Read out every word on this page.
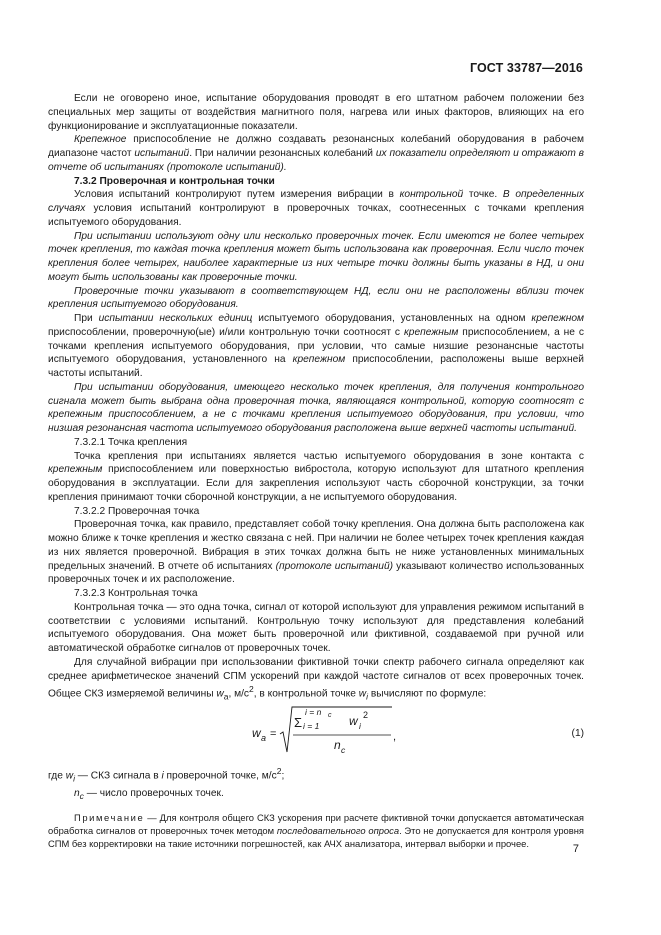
ГОСТ 33787—2016

Если не оговорено иное, испытание оборудования проводят в его штатном рабочем положении без специальных мер защиты от воздействия магнитного поля, нагрева или иных факторов, влияющих на его функционирование и эксплуатационные показатели.

Крепежное приспособление не должно создавать резонансных колебаний оборудования в рабочем диапазоне частот испытаний. При наличии резонансных колебаний их показатели определяют и отражают в отчете об испытаниях (протоколе испытаний).

7.3.2 Проверочная и контрольная точки

Условия испытаний контролируют путем измерения вибрации в контрольной точке. В определенных случаях условия испытаний контролируют в проверочных точках, соотнесенных с точками крепления испытуемого оборудования.

При испытании используют одну или несколько проверочных точек. Если имеются не более четырех точек крепления, то каждая точка крепления может быть использована как проверочная. Если число точек крепления более четырех, наиболее характерные из них четыре точки должны быть указаны в НД, и они могут быть использованы как проверочные точки.

Проверочные точки указывают в соответствующем НД, если они не расположены вблизи точек крепления испытуемого оборудования.

При испытании нескольких единиц испытуемого оборудования, установленных на одном крепежном приспособлении, проверочную(ые) и/или контрольную точки соотносят с крепежным приспособлением, а не с точками крепления испытуемого оборудования, при условии, что самые низшие резонансные частоты испытуемого оборудования, установленного на крепежном приспособлении, расположены выше верхней частоты испытаний.

При испытании оборудования, имеющего несколько точек крепления, для получения контрольного сигнала может быть выбрана одна проверочная точка, являющаяся контрольной, которую соотносят с крепежным приспособлением, а не с точками крепления испытуемого оборудования, при условии, что низшая резонансная частота испытуемого оборудования расположена выше верхней частоты испытаний.

7.3.2.1 Точка крепления

Точка крепления при испытаниях является частью испытуемого оборудования в зоне контакта с крепежным приспособлением или поверхностью вибростола, которую используют для штатного крепления оборудования в эксплуатации. Если для закрепления используют часть сборочной конструкции, за точки крепления принимают точки сборочной конструкции, а не испытуемого оборудования.

7.3.2.2 Проверочная точка

Проверочная точка, как правило, представляет собой точку крепления. Она должна быть расположена как можно ближе к точке крепления и жестко связана с ней. При наличии не более четырех точек крепления каждая из них является проверочной. Вибрация в этих точках должна быть не ниже установленных минимальных предельных значений. В отчете об испытаниях (протоколе испытаний) указывают количество использованных проверочных точек и их расположение.

7.3.2.3 Контрольная точка

Контрольная точка — это одна точка, сигнал от которой используют для управления режимом испытаний в соответствии с условиями испытаний. Контрольную точку используют для представления колебаний испытуемого оборудования. Она может быть проверочной или фиктивной, создаваемой при ручной или автоматической обработке сигналов от проверочных точек.

Для случайной вибрации при использовании фиктивной точки спектр рабочего сигнала определяют как среднее арифметическое значений СПМ ускорений при каждой частоте сигналов от всех проверочных точек. Общее СКЗ измеряемой величины $w_a$, $м/с^2$, в контрольной точке $w_i$ вычисляют по формуле:

w a =
i = n c
Σ i = 1 w i
2
n c
,	(1)

где $w_i$ — СКЗ сигнала в i проверочной точке, $м/с^2$;

$n_c$ — число проверочных точек.

Примечание — Для контроля общего СКЗ ускорения при расчете фиктивной точки допускается автоматическая обработка сигналов от проверочных точек методом последовательного опроса. Это не допускается для контроля уровня СПМ без корректировки на такие источники погрешностей, как АЧХ анализатора, интервал выборки и прочее.	7
